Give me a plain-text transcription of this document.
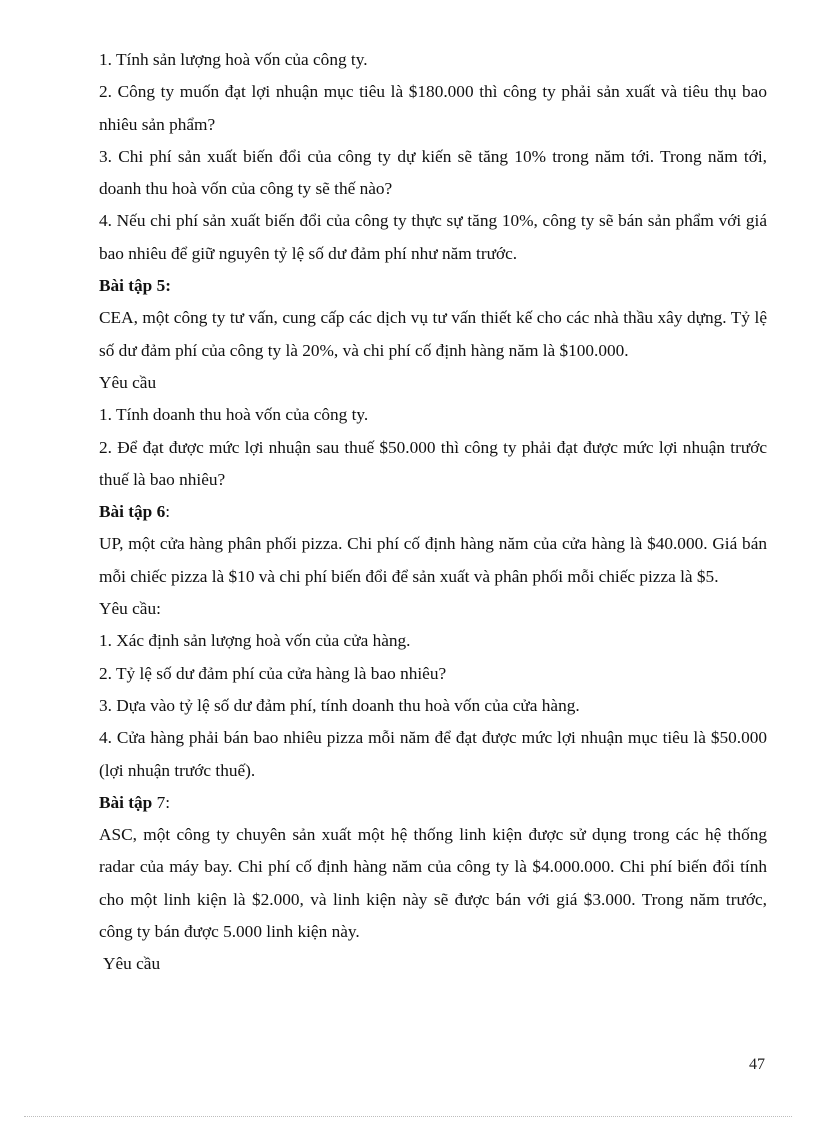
1. Tính sản lượng hoà vốn của công ty.

2. Công ty muốn đạt lợi nhuận mục tiêu là $180.000 thì công ty phải sản xuất và tiêu thụ bao nhiêu sản phẩm?

3. Chi phí sản xuất biến đổi của công ty dự kiến sẽ tăng 10% trong năm tới. Trong năm tới, doanh thu hoà vốn của công ty sẽ thế nào?

4. Nếu chi phí sản xuất biến đổi của công ty thực sự tăng 10%, công ty sẽ bán sản phẩm với giá bao nhiêu để giữ nguyên tỷ lệ số dư đảm phí như năm trước.

Bài tập 5:

CEA, một công ty tư vấn, cung cấp các dịch vụ tư vấn thiết kế cho các nhà thầu xây dựng. Tỷ lệ số dư đảm phí của công ty là 20%, và chi phí cố định hàng năm là $100.000.

Yêu cầu

1. Tính doanh thu hoà vốn của công ty.

2. Để đạt được mức lợi nhuận sau thuế $50.000 thì công ty phải đạt được mức lợi nhuận trước thuế là bao nhiêu?

Bài tập 6:

UP, một cửa hàng phân phối pizza. Chi phí cố định hàng năm của cửa hàng là $40.000. Giá bán mỗi chiếc pizza là $10 và chi phí biến đổi để sản xuất và phân phối mỗi chiếc pizza là $5.

Yêu cầu:

1. Xác định sản lượng hoà vốn của cửa hàng.

2. Tỷ lệ số dư đảm phí của cửa hàng là bao nhiêu?

3. Dựa vào tỷ lệ số dư đảm phí, tính doanh thu hoà vốn của cửa hàng.

4. Cửa hàng phải bán bao nhiêu pizza mỗi năm để đạt được mức lợi nhuận mục tiêu là $50.000 (lợi nhuận trước thuế).

Bài tập 7:

ASC, một công ty chuyên sản xuất một hệ thống linh kiện được sử dụng trong các hệ thống radar của máy bay. Chi phí cố định hàng năm của công ty là $4.000.000. Chi phí biến đổi tính cho một linh kiện là $2.000, và linh kiện này sẽ được bán với giá $3.000. Trong năm trước, công ty bán được 5.000 linh kiện này.

Yêu cầu

47
